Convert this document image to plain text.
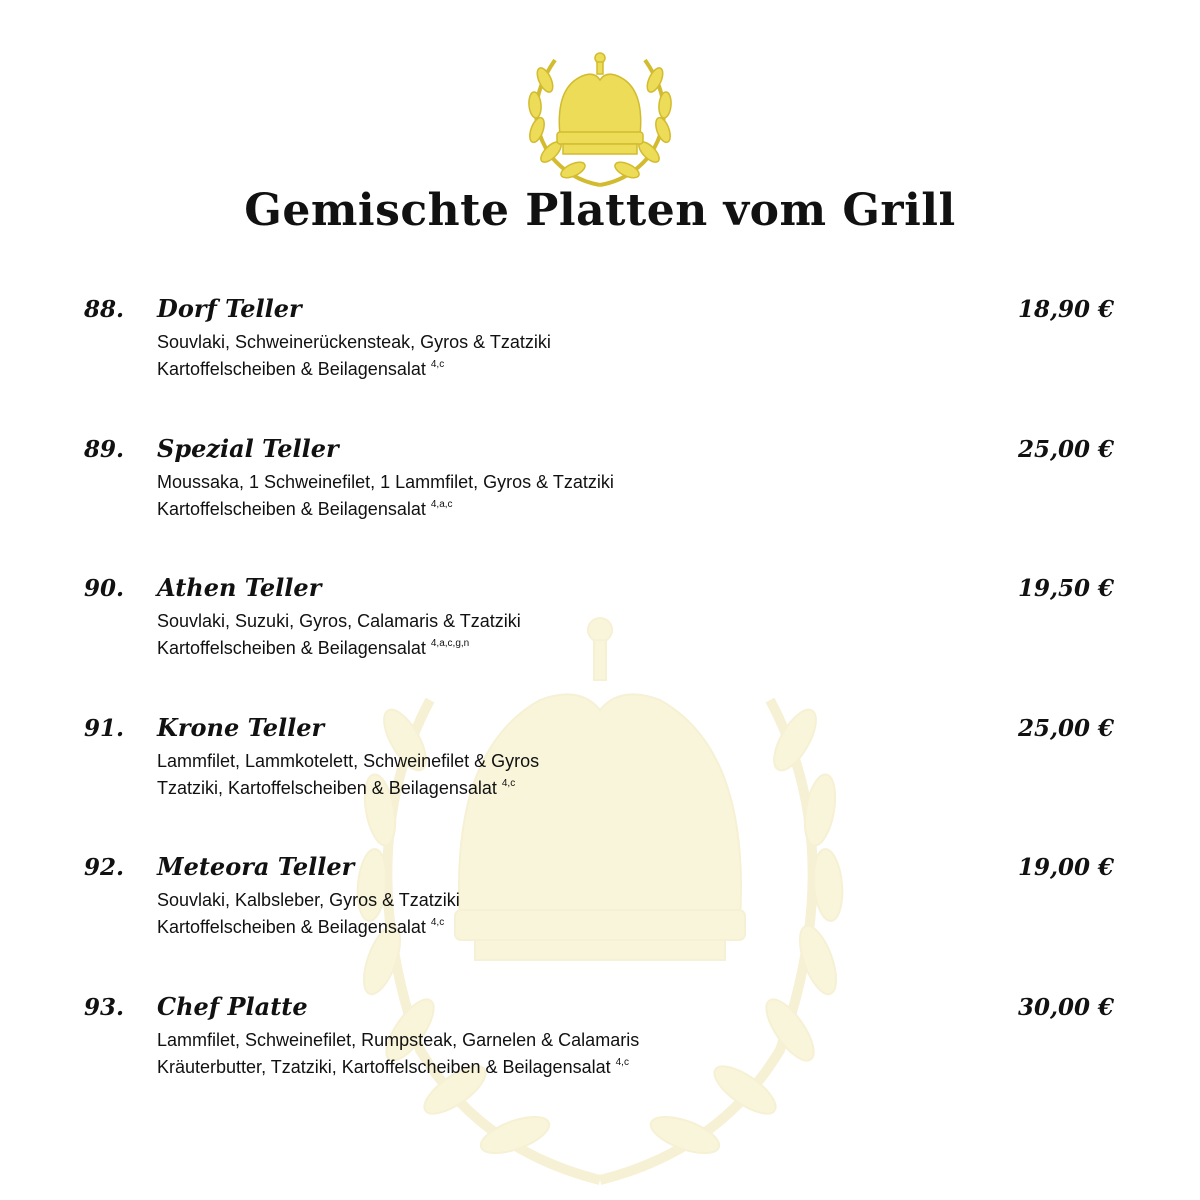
Gemischte Platten vom Grill
88. Dorf Teller	18,90 €
Souvlaki, Schweinerückensteak, Gyros & Tzatziki
Kartoffelscheiben & Beilagensalat $^{4,c}$
89. Spezial Teller	25,00 €
Moussaka, 1 Schweinefilet, 1 Lammfilet, Gyros & Tzatziki
Kartoffelscheiben & Beilagensalat $^{4,a,c}$
90. Athen Teller	19,50 €
Souvlaki, Suzuki, Gyros, Calamaris & Tzatziki
Kartoffelscheiben & Beilagensalat $^{4,a,c,g,n}$
91. Krone Teller	25,00 €
Lammfilet, Lammkotelett, Schweinefilet & Gyros
Tzatziki, Kartoffelscheiben & Beilagensalat $^{4,c}$
92. Meteora Teller	19,00 €
Souvlaki, Kalbsleber, Gyros & Tzatziki
Kartoffelscheiben & Beilagensalat $^{4,c}$
93. Chef Platte	30,00 €
Lammfilet, Schweinefilet, Rumpsteak, Garnelen & Calamaris
Kräuterbutter, Tzatziki, Kartoffelscheiben & Beilagensalat $^{4,c}$
